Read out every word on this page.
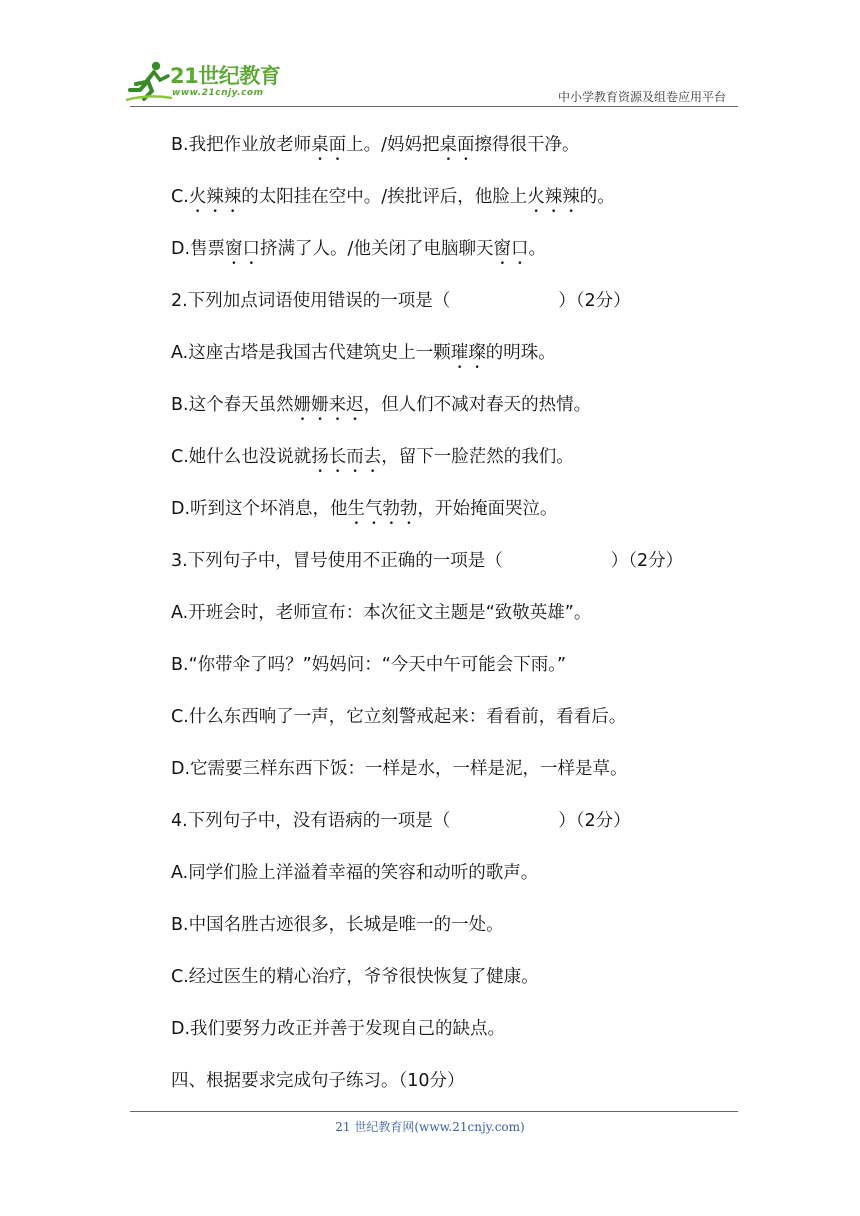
21世纪教育
www.21cnjy.com	中小学教育资源及组卷应用平台
B.我把作业放老师桌面上。/妈妈把桌面擦得很干净。
C.火辣辣的太阳挂在空中。/挨批评后，他脸上火辣辣的。
D.售票窗口挤满了人。/他关闭了电脑聊天窗口。
2.下列加点词语使用错误的一项是（	）（2分）
A.这座古塔是我国古代建筑史上一颗璀璨的明珠。
B.这个春天虽然姗姗来迟，但人们不减对春天的热情。
C.她什么也没说就扬长而去，留下一脸茫然的我们。
D.听到这个坏消息，他生气勃勃，开始掩面哭泣。
3.下列句子中，冒号使用不正确的一项是（	）（2分）
A.开班会时，老师宣布：本次征文主题是“致敬英雄”。
B.“你带伞了吗？”妈妈问：“今天中午可能会下雨。”
C.什么东西响了一声，它立刻警戒起来：看看前，看看后。
D.它需要三样东西下饭：一样是水，一样是泥，一样是草。
4.下列句子中，没有语病的一项是（	）（2分）
A.同学们脸上洋溢着幸福的笑容和动听的歌声。
B.中国名胜古迹很多，长城是唯一的一处。
C.经过医生的精心治疗，爷爷很快恢复了健康。
D.我们要努力改正并善于发现自己的缺点。
四、根据要求完成句子练习。（10分）
21 世纪教育网(www.21cnjy.com)
